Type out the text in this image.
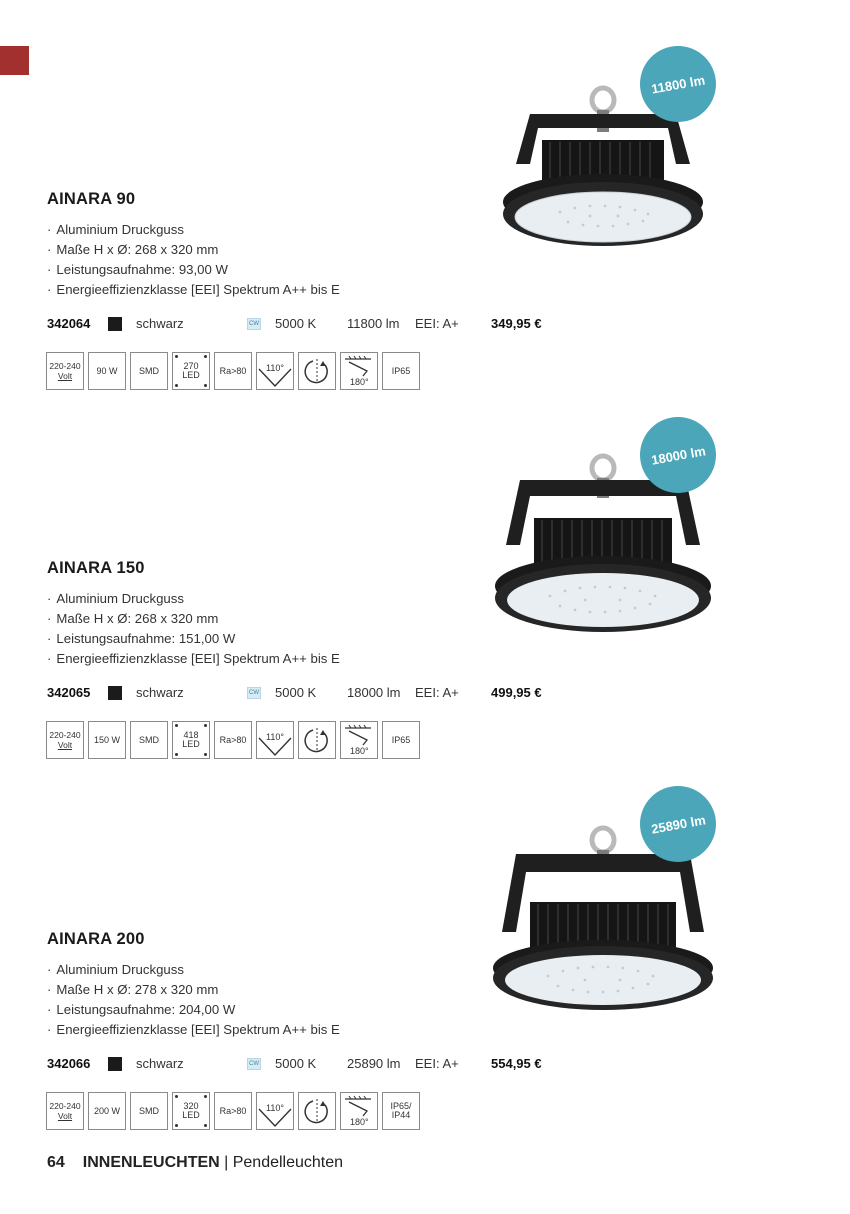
11800 lm
AINARA 90
· Aluminium Druckguss
· Maße H x Ø: 268 x 320 mm
· Leistungsaufnahme: 93,00 W
· Energieeffizienzklasse [EEI] Spektrum A++ bis E
342064	schwarz	CW 5000 K 11800 lm EEI: A+ 349,95 €
220-240
Volt	90 W SMD	270
LED Ra>80 110°
180°
IP65
18000 lm
AINARA 150
· Aluminium Druckguss
· Maße H x Ø: 268 x 320 mm
· Leistungsaufnahme: 151,00 W
· Energieeffizienzklasse [EEI] Spektrum A++ bis E
342065	schwarz	CW 5000 K 18000 lm EEI: A+ 499,95 €
220-240
Volt	150 W SMD	418
LED Ra>80 110°
180°
IP65
25890 lm
AINARA 200
· Aluminium Druckguss
· Maße H x Ø: 278 x 320 mm
· Leistungsaufnahme: 204,00 W
· Energieeffizienzklasse [EEI] Spektrum A++ bis E
342066	schwarz	CW 5000 K 25890 lm EEI: A+ 554,95 €
220-240
Volt	200 W SMD	320
LED Ra>80 110°
180°
IP65/
IP44
64 INNENLEUCHTEN | Pendelleuchten
